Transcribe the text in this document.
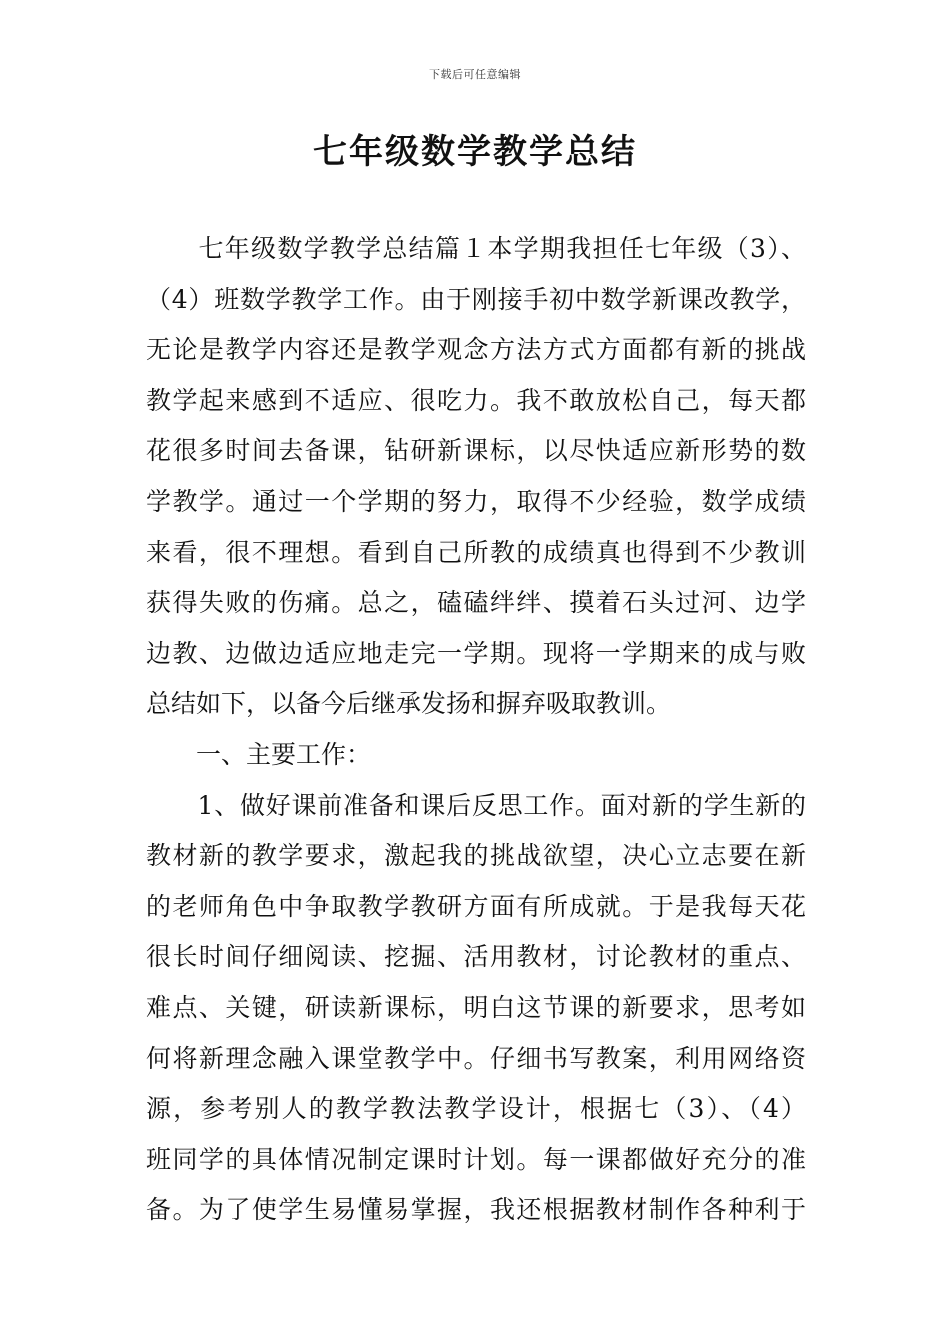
下载后可任意编辑
七年级数学教学总结
　　七年级数学教学总结篇１本学期我担任七年级（3）、
（4）班数学教学工作。由于刚接手初中数学新课改教学，
无论是教学内容还是教学观念方法方式方面都有新的挑战
教学起来感到不适应、很吃力。我不敢放松自己，每天都
花很多时间去备课，钻研新课标，以尽快适应新形势的数
学教学。通过一个学期的努力，取得不少经验，数学成绩
来看，很不理想。看到自己所教的成绩真也得到不少教训
获得失败的伤痛。总之，磕磕绊绊、摸着石头过河、边学
边教、边做边适应地走完一学期。现将一学期来的成与败
总结如下，以备今后继承发扬和摒弃吸取教训。
　　一、主要工作：
　　1、做好课前准备和课后反思工作。面对新的学生新的
教材新的教学要求，激起我的挑战欲望，决心立志要在新
的老师角色中争取教学教研方面有所成就。于是我每天花
很长时间仔细阅读、挖掘、活用教材，讨论教材的重点、
难点、关键，研读新课标，明白这节课的新要求，思考如
何将新理念融入课堂教学中。仔细书写教案，利用网络资
源，参考别人的教学教法教学设计，根据七（3）、（4）
班同学的具体情况制定课时计划。每一课都做好充分的准
备。为了使学生易懂易掌握，我还根据教材制作各种利于
